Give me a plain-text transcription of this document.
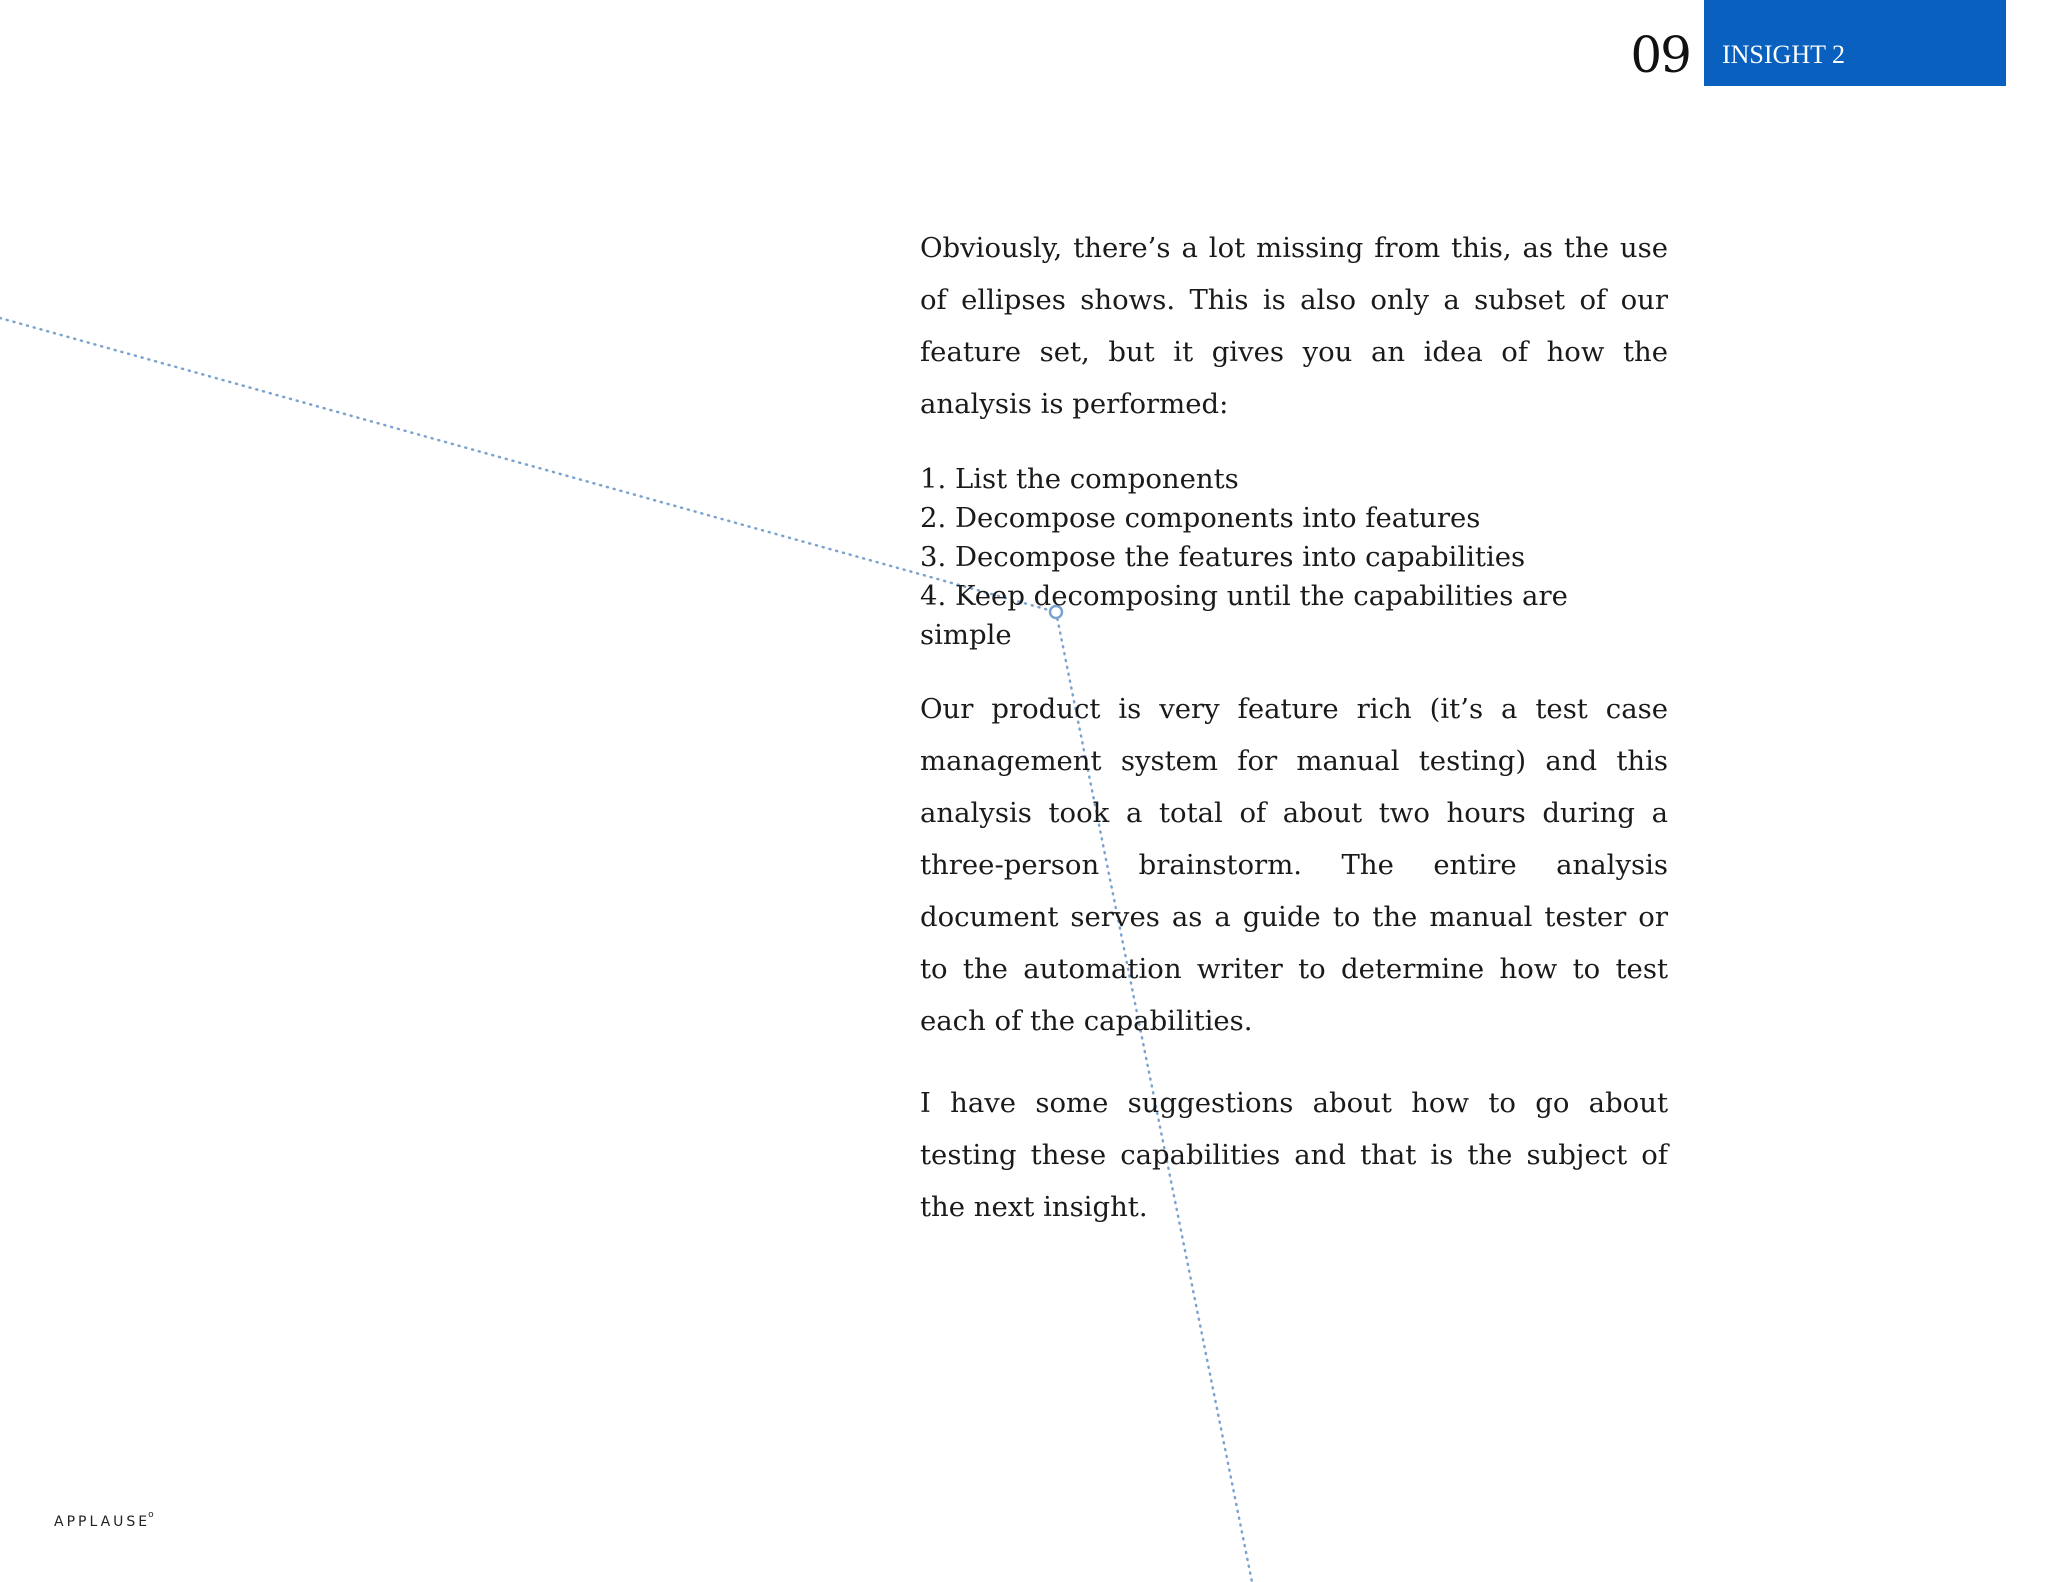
09	INSIGHT 2

Obviously, there’s a lot missing from this, as the use of ellipses shows. This is also only a subset of our feature set, but it gives you an idea of how the analysis is performed:

1. List the components
2. Decompose components into features
3. Decompose the features into capabilities
4. Keep decomposing until the capabilities are simple

Our product is very feature rich (it’s a test case management system for manual testing) and this analysis took a total of about two hours during a three-person brainstorm. The entire analysis document serves as a guide to the manual tester or to the automation writer to determine how to test each of the capabilities.

I have some suggestions about how to go about testing these capabilities and that is the subject of the next insight.

APPLAUSE$^o$
